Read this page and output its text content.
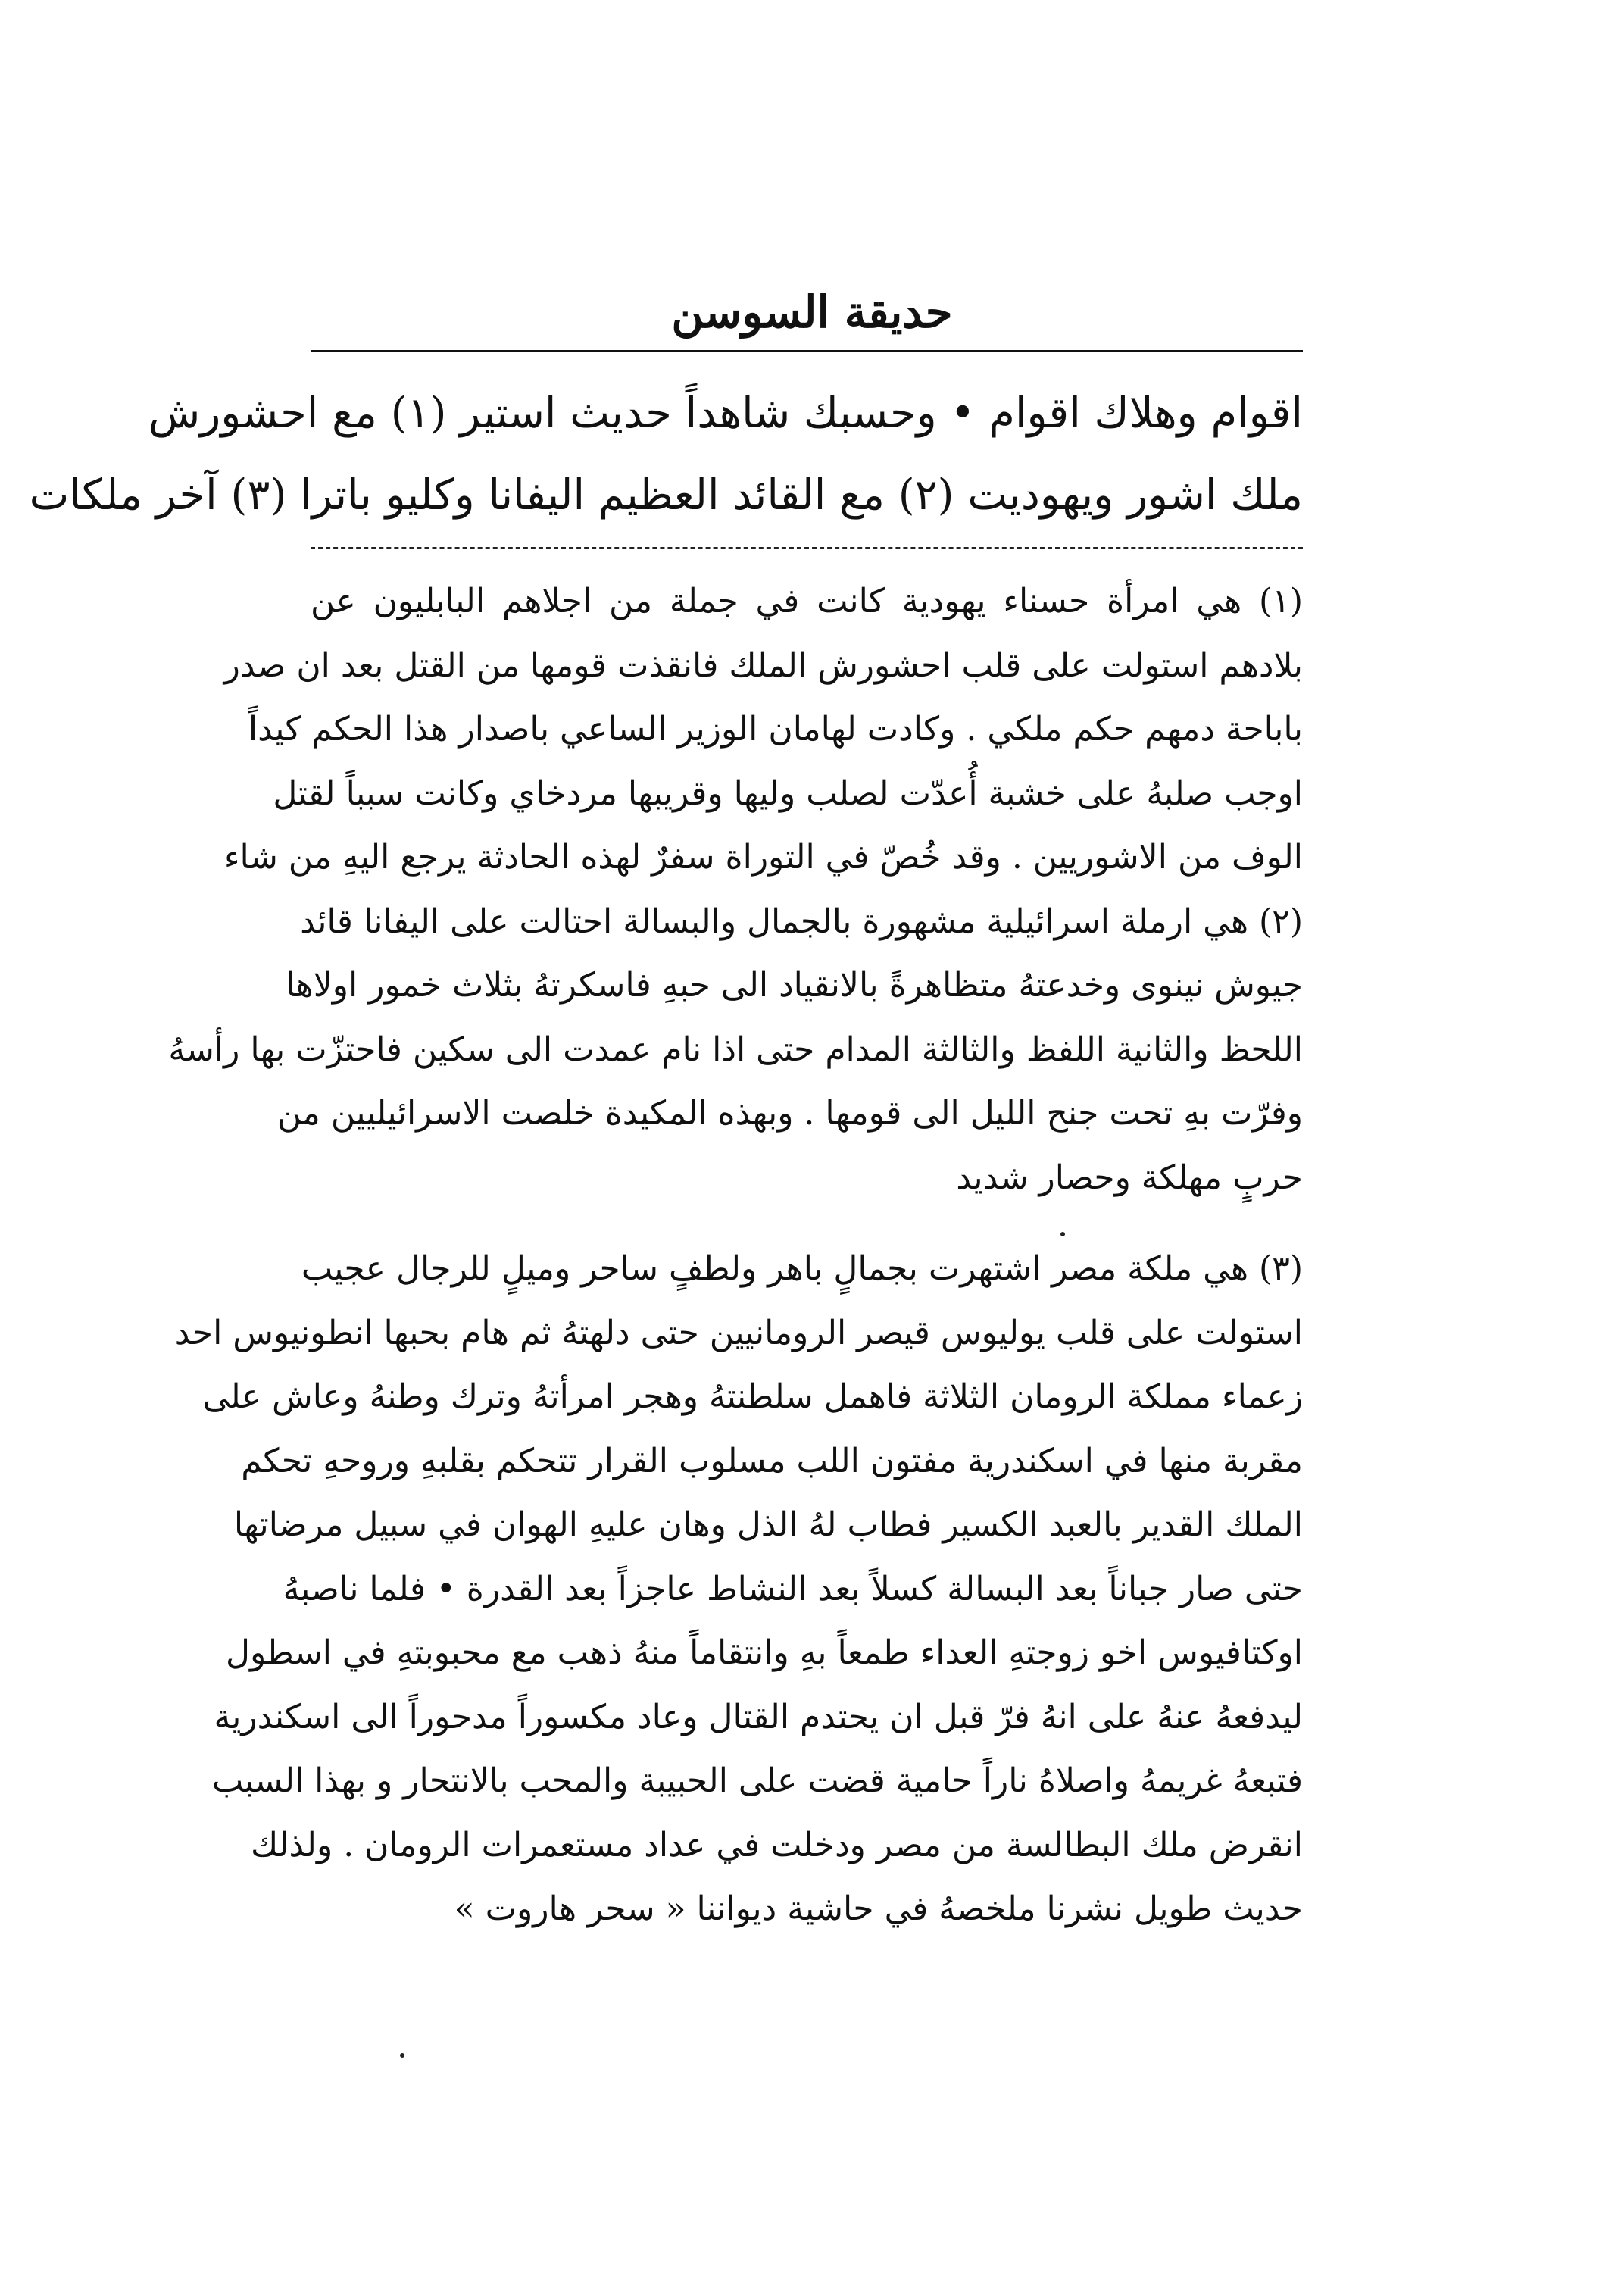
حديقة السوسن
اقوام وهلاك اقوام • وحسبك شاهداً حديث استير (١) مع احشورش
ملك اشور ويهوديت (٢) مع القائد العظيم اليفانا وكليو باترا (٣) آخر ملكات
(١) هي امرأة حسناء يهودية كانت في جملة من اجلاهم البابليون عن
بلادهم استولت على قلب احشورش الملك فانقذت قومها من القتل بعد ان صدر
باباحة دمهم حكم ملكي . وكادت لهامان الوزير الساعي باصدار هذا الحكم كيداً
اوجب صلبهُ على خشبة أُعدّت لصلب وليها وقريبها مردخاي وكانت سبباً لقتل
الوف من الاشوريين . وقد خُصّ في التوراة سفرٌ لهذه الحادثة يرجع اليهِ من شاء
(٢) هي ارملة اسرائيلية مشهورة بالجمال والبسالة احتالت على اليفانا قائد
جيوش نينوى وخدعتهُ متظاهرةً بالانقياد الى حبهِ فاسكرتهُ بثلاث خمور اولاها
اللحظ والثانية اللفظ والثالثة المدام حتى اذا نام عمدت الى سكين فاحتزّت بها رأسهُ
وفرّت بهِ تحت جنح الليل الى قومها . وبهذه المكيدة خلصت الاسرائيليين من
حربٍ مهلكة وحصار شديد
(٣) هي ملكة مصر اشتهرت بجمالٍ باهر ولطفٍ ساحر وميلٍ للرجال عجيب
استولت على قلب يوليوس قيصر الرومانيين حتى دلهتهُ ثم هام بحبها انطونيوس احد
زعماء مملكة الرومان الثلاثة فاهمل سلطنتهُ وهجر امرأتهُ وترك وطنهُ وعاش على
مقربة منها في اسكندرية مفتون اللب مسلوب القرار تتحكم بقلبهِ وروحهِ تحكم
الملك القدير بالعبد الكسير فطاب لهُ الذل وهان عليهِ الهوان في سبيل مرضاتها
حتى صار جباناً بعد البسالة كسلاً بعد النشاط عاجزاً بعد القدرة • فلما ناصبهُ
اوكتافيوس اخو زوجتهِ العداء طمعاً بهِ وانتقاماً منهُ ذهب مع محبوبتهِ في اسطول
ليدفعهُ عنهُ على انهُ فرّ قبل ان يحتدم القتال وعاد مكسوراً مدحوراً الى اسكندرية
فتبعهُ غريمهُ واصلاهُ ناراً حامية قضت على الحبيبة والمحب بالانتحار و بهذا السبب
انقرض ملك البطالسة من مصر ودخلت في عداد مستعمرات الرومان . ولذلك
حديث طويل نشرنا ملخصهُ في حاشية ديواننا « سحر هاروت »
